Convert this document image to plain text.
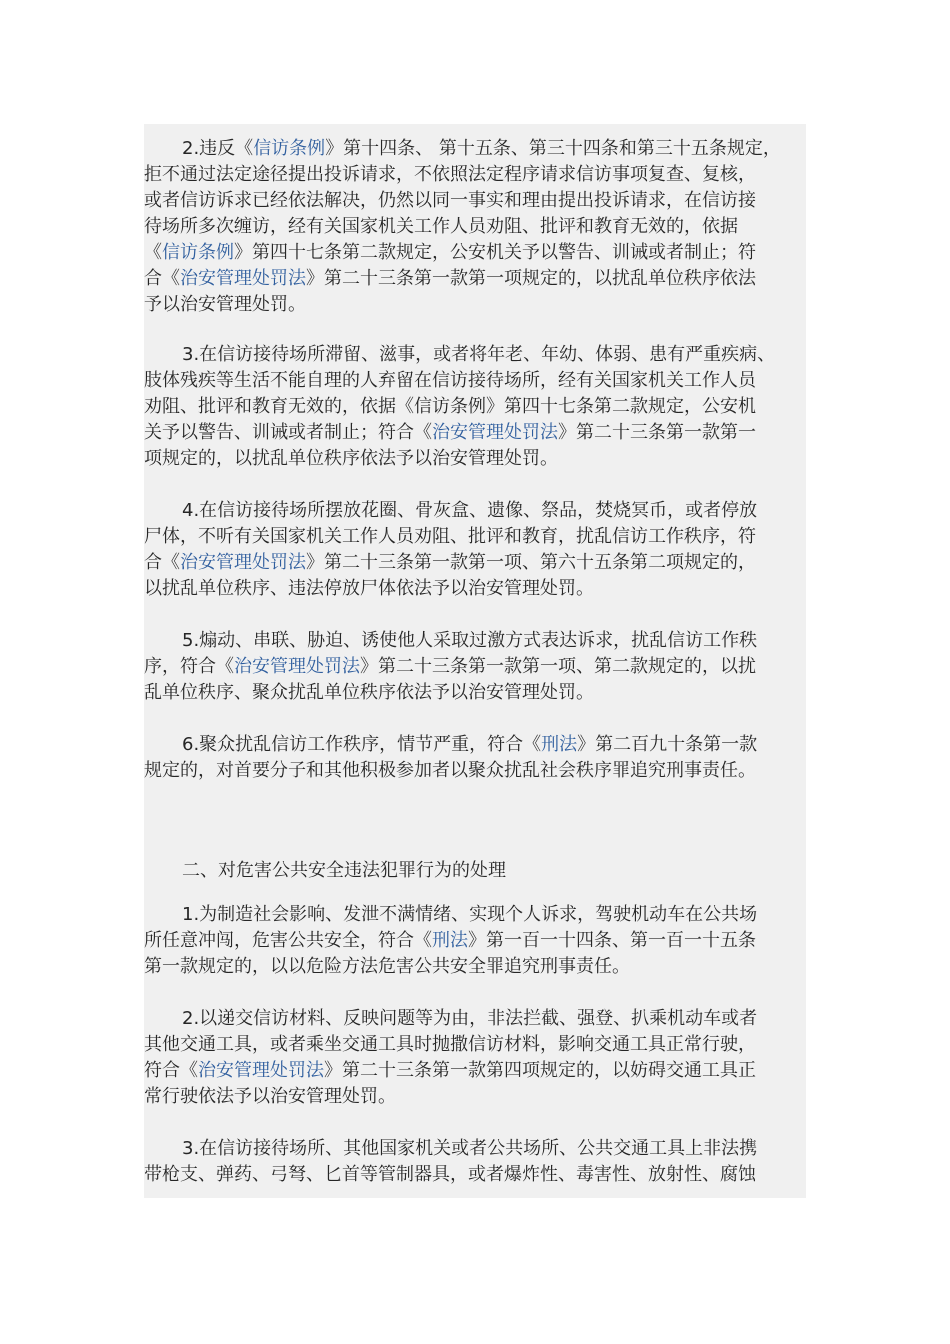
2.违反《信访条例》第十四条、 第十五条、第三十四条和第三十五条规定，
拒不通过法定途径提出投诉请求，不依照法定程序请求信访事项复查、复核，
或者信访诉求已经依法解决，仍然以同一事实和理由提出投诉请求，在信访接
待场所多次缠访，经有关国家机关工作人员劝阻、批评和教育无效的，依据
《信访条例》第四十七条第二款规定，公安机关予以警告、训诫或者制止；符
合《治安管理处罚法》第二十三条第一款第一项规定的，以扰乱单位秩序依法
予以治安管理处罚。
3.在信访接待场所滞留、滋事，或者将年老、年幼、体弱、患有严重疾病、
肢体残疾等生活不能自理的人弃留在信访接待场所，经有关国家机关工作人员
劝阻、批评和教育无效的，依据《信访条例》第四十七条第二款规定，公安机
关予以警告、训诫或者制止；符合《治安管理处罚法》第二十三条第一款第一
项规定的，以扰乱单位秩序依法予以治安管理处罚。
4.在信访接待场所摆放花圈、骨灰盒、遗像、祭品，焚烧冥币，或者停放
尸体，不听有关国家机关工作人员劝阻、批评和教育，扰乱信访工作秩序，符
合《治安管理处罚法》第二十三条第一款第一项、第六十五条第二项规定的，
以扰乱单位秩序、违法停放尸体依法予以治安管理处罚。
5.煽动、串联、胁迫、诱使他人采取过激方式表达诉求，扰乱信访工作秩
序，符合《治安管理处罚法》第二十三条第一款第一项、第二款规定的，以扰
乱单位秩序、聚众扰乱单位秩序依法予以治安管理处罚。
6.聚众扰乱信访工作秩序，情节严重，符合《刑法》第二百九十条第一款
规定的，对首要分子和其他积极参加者以聚众扰乱社会秩序罪追究刑事责任。
二、对危害公共安全违法犯罪行为的处理
1.为制造社会影响、发泄不满情绪、实现个人诉求，驾驶机动车在公共场
所任意冲闯，危害公共安全，符合《刑法》第一百一十四条、第一百一十五条
第一款规定的，以以危险方法危害公共安全罪追究刑事责任。
2.以递交信访材料、反映问题等为由，非法拦截、强登、扒乘机动车或者
其他交通工具，或者乘坐交通工具时抛撒信访材料，影响交通工具正常行驶，
符合《治安管理处罚法》第二十三条第一款第四项规定的，以妨碍交通工具正
常行驶依法予以治安管理处罚。
3.在信访接待场所、其他国家机关或者公共场所、公共交通工具上非法携
带枪支、弹药、弓弩、匕首等管制器具，或者爆炸性、毒害性、放射性、腐蚀
